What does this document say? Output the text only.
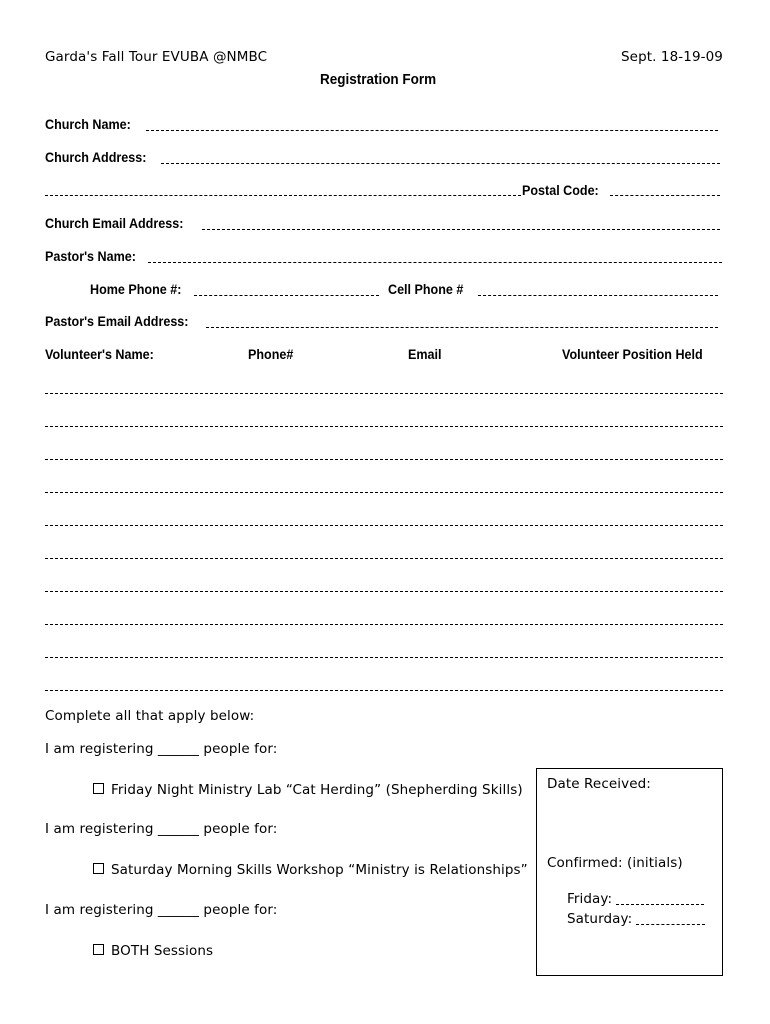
Garda's Fall Tour EVUBA @NMBC	Sept. 18-19-09
Registration Form
Church Name:
Church Address:
Postal Code:
Church Email Address:
Pastor's Name:
Home Phone #:	Cell Phone #
Pastor's Email Address:
Volunteer's Name:	Phone#	Email	Volunteer Position Held
Complete all that apply below:
I am registering ______ people for:
Friday Night Ministry Lab “Cat Herding” (Shepherding Skills)
I am registering ______ people for:
Saturday Morning Skills Workshop “Ministry is Relationships”
I am registering ______ people for:
BOTH Sessions
Date Received:
Confirmed: (initials)
Friday:
Saturday:
